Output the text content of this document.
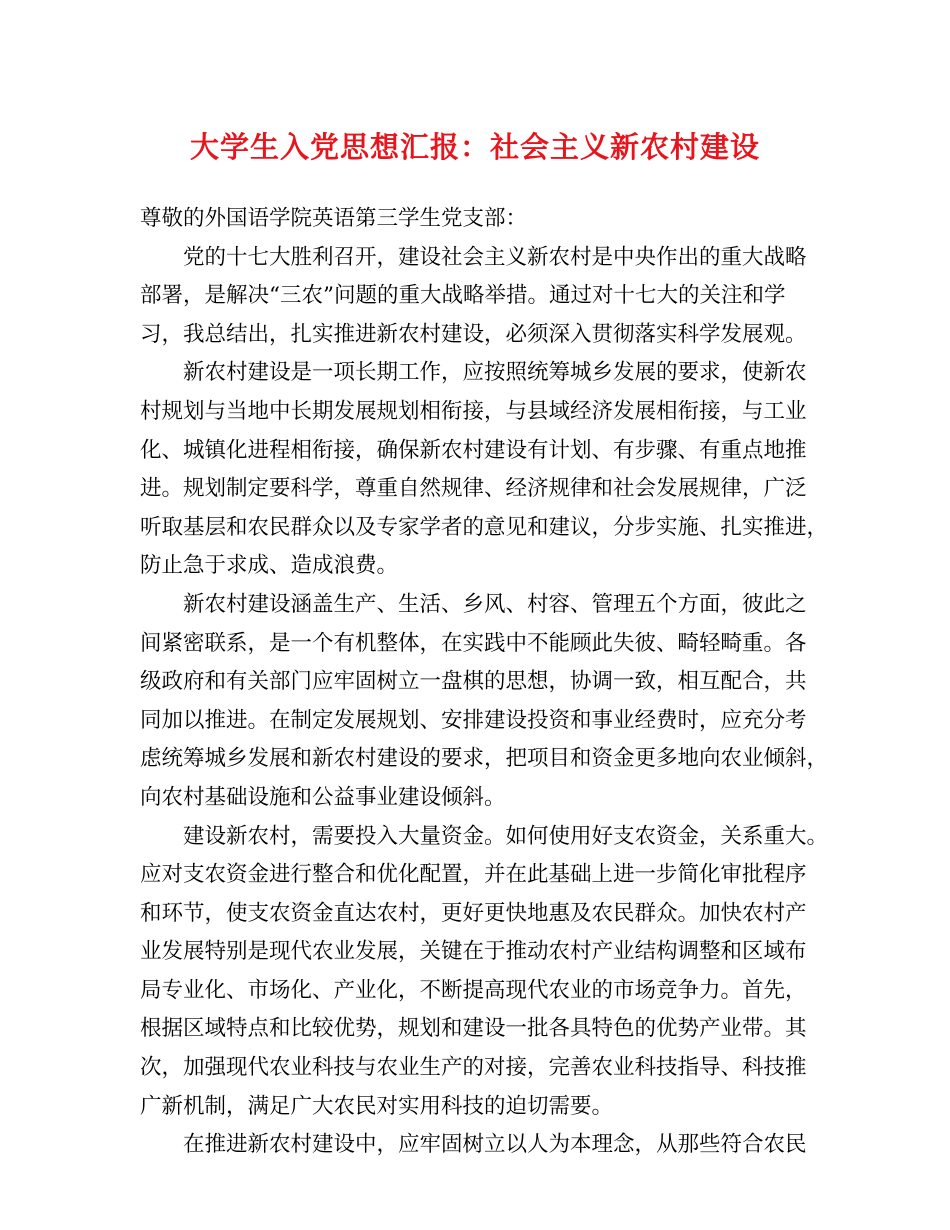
大学生入党思想汇报：社会主义新农村建设
尊敬的外国语学院英语第三学生党支部：
党的十七大胜利召开，建设社会主义新农村是中央作出的重大战略
部署，是解决“三农”问题的重大战略举措。通过对十七大的关注和学
习，我总结出，扎实推进新农村建设，必须深入贯彻落实科学发展观。
新农村建设是一项长期工作，应按照统筹城乡发展的要求，使新农
村规划与当地中长期发展规划相衔接，与县域经济发展相衔接，与工业
化、城镇化进程相衔接，确保新农村建设有计划、有步骤、有重点地推
进。规划制定要科学，尊重自然规律、经济规律和社会发展规律，广泛
听取基层和农民群众以及专家学者的意见和建议，分步实施、扎实推进，
防止急于求成、造成浪费。
新农村建设涵盖生产、生活、乡风、村容、管理五个方面，彼此之
间紧密联系，是一个有机整体，在实践中不能顾此失彼、畸轻畸重。各
级政府和有关部门应牢固树立一盘棋的思想，协调一致，相互配合，共
同加以推进。在制定发展规划、安排建设投资和事业经费时，应充分考
虑统筹城乡发展和新农村建设的要求，把项目和资金更多地向农业倾斜，
向农村基础设施和公益事业建设倾斜。
建设新农村，需要投入大量资金。如何使用好支农资金，关系重大。
应对支农资金进行整合和优化配置，并在此基础上进一步简化审批程序
和环节，使支农资金直达农村，更好更快地惠及农民群众。加快农村产
业发展特别是现代农业发展，关键在于推动农村产业结构调整和区域布
局专业化、市场化、产业化，不断提高现代农业的市场竞争力。首先，
根据区域特点和比较优势，规划和建设一批各具特色的优势产业带。其
次，加强现代农业科技与农业生产的对接，完善农业科技指导、科技推
广新机制，满足广大农民对实用科技的迫切需要。
在推进新农村建设中，应牢固树立以人为本理念，从那些符合农民
